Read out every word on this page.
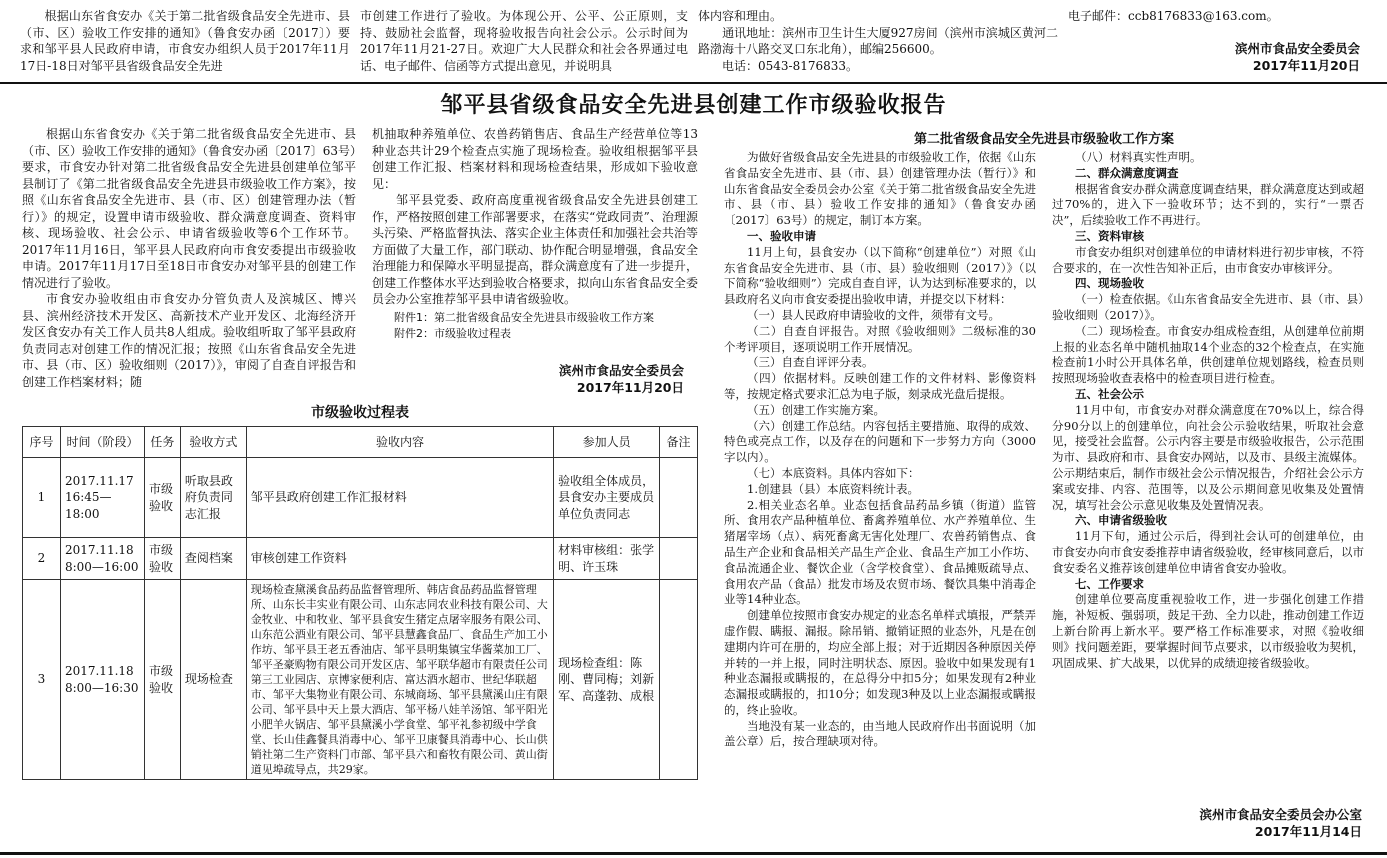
　　根据山东省食安办《关于第二批省级食品安全先进市、县（市、区）验收工作安排的通知》（鲁食安办函〔2017〕）要求和邹平县人民政府申请，市食安办组织人员于2017年11月17日-18日对邹平县省级食品安全先进
市创建工作进行了验收。为体现公开、公平、公正原则，支持、鼓励社会监督，现将验收报告向社会公示。公示时间为2017年11月21-27日。欢迎广大人民群众和社会各界通过电话、电子邮件、信函等方式提出意见，并说明具
体内容和理由。
　　通讯地址：滨州市卫生计生大厦927房间（滨州市滨城区黄河二路渤海十八路交叉口东北角），邮编256600。
　　电话：0543-8176833。
电子邮件：ccb8176833@163.com。
滨州市食品安全委员会
2017年11月20日
邹平县省级食品安全先进县创建工作市级验收报告

根据山东省食安办《关于第二批省级食品安全先进市、县（市、区）验收工作安排的通知》（鲁食安办函〔2017〕63号）要求，市食安办针对第二批省级食品安全先进县创建单位邹平县制订了《第二批省级食品安全先进县市级验收工作方案》，按照《山东省食品安全先进市、县（市、区）创建管理办法（暂行）》的规定，设置申请市级验收、群众满意度调查、资料审核、现场验收、社会公示、申请省级验收等6个工作环节。2017年11月16日，邹平县人民政府向市食安委提出市级验收申请。2017年11月17日至18日市食安办对邹平县的创建工作情况进行了验收。

市食安办验收组由市食安办分管负责人及滨城区、博兴县、滨州经济技术开发区、高新技术产业开发区、北海经济开发区食安办有关工作人员共8人组成。验收组听取了邹平县政府负责同志对创建工作的情况汇报；按照《山东省食品安全先进市、县（市、区）验收细则（2017）》，审阅了自查自评报告和创建工作档案材料；随

机抽取种养殖单位、农兽药销售店、食品生产经营单位等13种业态共计29个检查点实施了现场检查。验收组根据邹平县创建工作汇报、档案材料和现场检查结果，形成如下验收意见：

邹平县党委、政府高度重视省级食品安全先进县创建工作，严格按照创建工作部署要求，在落实“党政同责”、治理源头污染、严格监督执法、落实企业主体责任和加强社会共治等方面做了大量工作，部门联动、协作配合明显增强，食品安全治理能力和保障水平明显提高，群众满意度有了进一步提升，创建工作整体水平达到验收合格要求，拟向山东省食品安全委员会办公室推荐邹平县申请省级验收。

附件1：第二批省级食品安全先进县市级验收工作方案
附件2：市级验收过程表
滨州市食品安全委员会
2017年11月20日
市级验收过程表
序号	时间（阶段）	任务	验收方式	验收内容	参加人员	备注
1	2017.11.17 16:45—18:00	市级验收	听取县政府负责同志汇报	邹平县政府创建工作汇报材料	验收组全体成员，县食安办主要成员单位负责同志	
2	2017.11.18 8:00—16:00	市级验收	查阅档案	审核创建工作资料	材料审核组：张学明、许玉珠	
3	2017.11.18 8:00—16:30	市级验收	现场检查	现场检查黛溪食品药品监督管理所、韩店食品药品监督管理所、山东长丰实业有限公司、山东志同农业科技有限公司、大金牧业、中和牧业、邹平县食安生猪定点屠宰服务有限公司、山东范公酒业有限公司、邹平县慧鑫食品厂、食品生产加工小作坊、邹平县王老五香油店、邹平县明集镇宝华酱菜加工厂、邹平圣豪购物有限公司开发区店、邹平联华超市有限责任公司第三工业园店、京博家便利店、富达酒水超市、世纪华联超市、邹平大集物业有限公司、东城商场、邹平县黛溪山庄有限公司、邹平县中天上景大酒店、邹平杨八娃羊汤馆、邹平阳光小肥羊火锅店、邹平县黛溪小学食堂、邹平礼参初级中学食堂、长山佳鑫餐具消毒中心、邹平卫康餐具消毒中心、长山供销社第二生产资料门市部、邹平县六和畜牧有限公司、黄山街道见埠疏导点，共29家。	现场检查组：陈刚、曹同梅；刘新军、高蓬勃、成根	
第二批省级食品安全先进县市级验收工作方案

为做好省级食品安全先进县的市级验收工作，依据《山东省食品安全先进市、县（市、县）创建管理办法（暂行）》和山东省食品安全委员会办公室《关于第二批省级食品安全先进市、县（市、县）验收工作安排的通知》（鲁食安办函〔2017〕63号）的规定，制订本方案。

一、验收申请

11月上旬，县食安办（以下简称“创建单位”）对照《山东省食品安全先进市、县（市、县）验收细则（2017）》（以下简称“验收细则”）完成自查自评，认为达到标准要求的，以县政府名义向市食安委提出验收申请，并提交以下材料：

（一）县人民政府申请验收的文件，须带有文号。

（二）自查自评报告。对照《验收细则》二级标准的30个考评项目，逐项说明工作开展情况。

（三）自查自评评分表。

（四）依据材料。反映创建工作的文件材料、影像资料等，按规定格式要求汇总为电子版，刻录成光盘后提报。

（五）创建工作实施方案。

（六）创建工作总结。内容包括主要措施、取得的成效、特色或亮点工作，以及存在的问题和下一步努力方向（3000字以内）。

（七）本底资料。具体内容如下：

1.创建县（县）本底资料统计表。

2.相关业态名单。业态包括食品药品乡镇（街道）监管所、食用农产品种植单位、畜禽养殖单位、水产养殖单位、生猪屠宰场（点）、病死畜禽无害化处理厂、农兽药销售点、食品生产企业和食品相关产品生产企业、食品生产加工小作坊、食品流通企业、餐饮企业（含学校食堂）、食品摊贩疏导点、食用农产品（食品）批发市场及农贸市场、餐饮具集中消毒企业等14种业态。

创建单位按照市食安办规定的业态名单样式填报，严禁弄虚作假、瞒报、漏报。除吊销、撤销证照的业态外，凡是在创建期内许可在册的，均应全部上报；对于近期因各种原因关停并转的一并上报，同时注明状态、原因。验收中如果发现有1种业态漏报或瞒报的，在总得分中扣5分；如果发现有2种业态漏报或瞒报的，扣10分；如发现3种及以上业态漏报或瞒报的，终止验收。

当地没有某一业态的，由当地人民政府作出书面说明（加盖公章）后，按合理缺项对待。

（八）材料真实性声明。

二、群众满意度调查

根据省食安办群众满意度调查结果，群众满意度达到或超过70%的，进入下一验收环节；达不到的，实行“一票否决”，后续验收工作不再进行。

三、资料审核

市食安办组织对创建单位的申请材料进行初步审核，不符合要求的，在一次性告知补正后，由市食安办审核评分。

四、现场验收

（一）检查依据。《山东省食品安全先进市、县（市、县）验收细则（2017）》。

（二）现场检查。市食安办组成检查组，从创建单位前期上报的业态名单中随机抽取14个业态的32个检查点，在实施检查前1小时公开具体名单，供创建单位规划路线，检查员则按照现场验收查表格中的检查项目进行检查。

五、社会公示

11月中旬，市食安办对群众满意度在70%以上，综合得分90分以上的创建单位，向社会公示验收结果，听取社会意见，接受社会监督。公示内容主要是市级验收报告，公示范围为市、县政府和市、县食安办网站，以及市、县级主流媒体。公示期结束后，制作市级社会公示情况报告，介绍社会公示方案或安排、内容、范围等，以及公示期间意见收集及处置情况，填写社会公示意见收集及处置情况表。

六、申请省级验收

11月下旬，通过公示后，得到社会认可的创建单位，由市食安办向市食安委推荐申请省级验收，经审核同意后，以市食安委名义推荐该创建单位申请省食安办验收。

七、工作要求

创建单位要高度重视验收工作，进一步强化创建工作措施，补短板、强弱项，鼓足干劲、全力以赴，推动创建工作迈上新台阶再上新水平。要严格工作标准要求，对照《验收细则》找问题差距，要掌握时间节点要求，以市级验收为契机，巩固成果、扩大战果，以优异的成绩迎接省级验收。

滨州市食品安全委员会办公室
2017年11月14日
